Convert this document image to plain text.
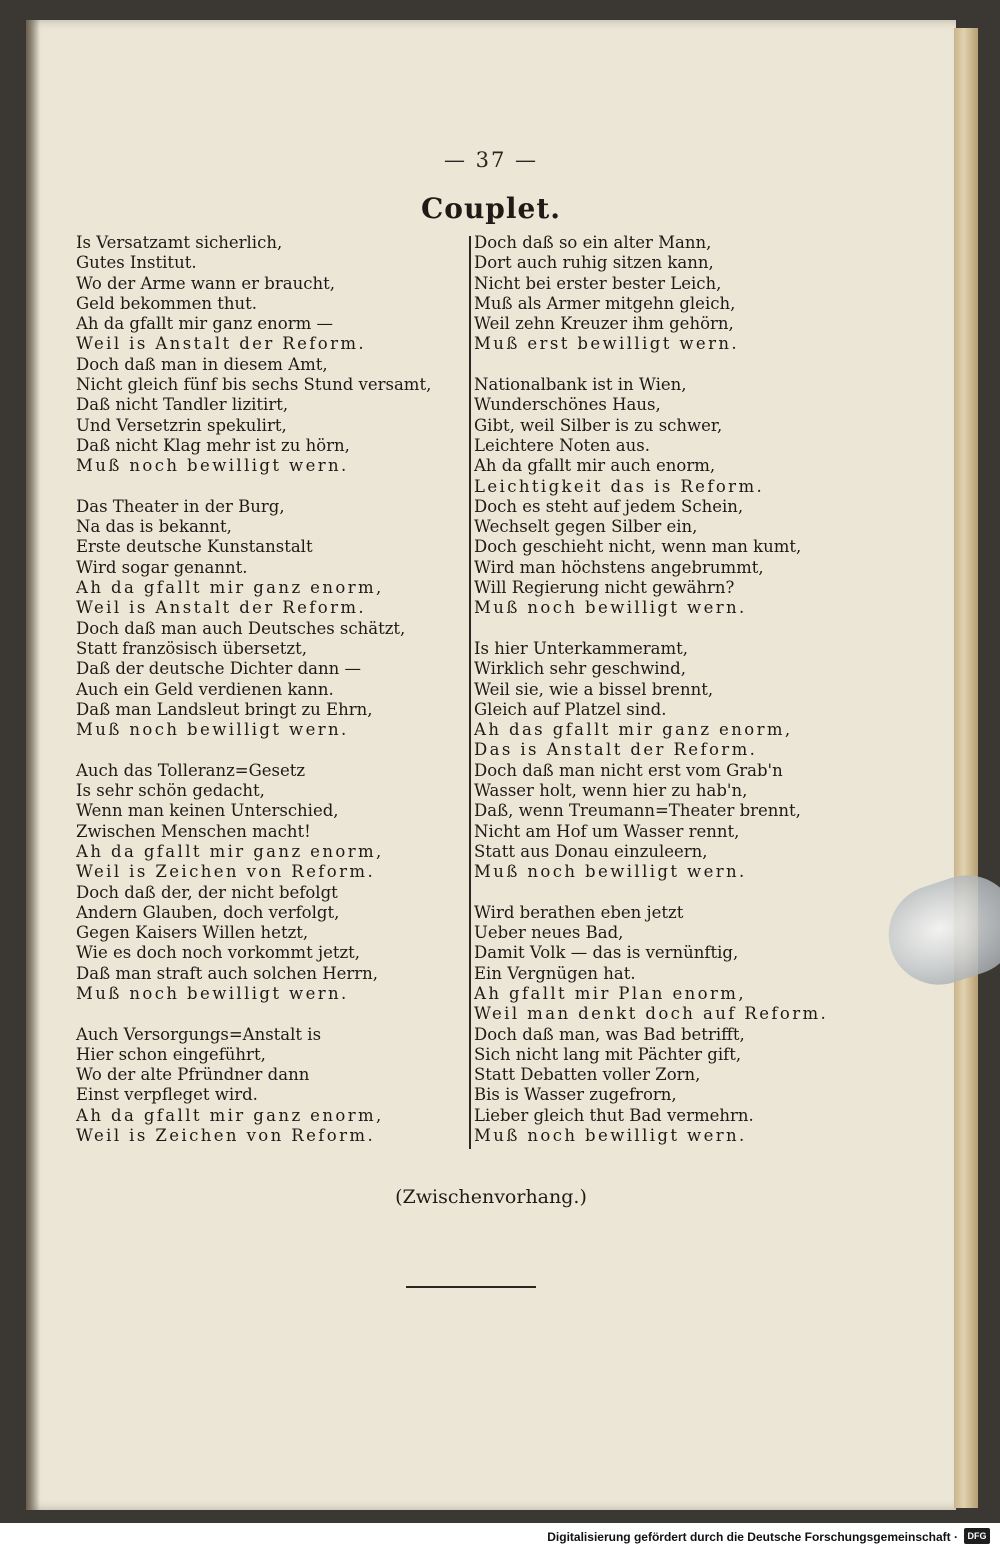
— 37 —
Couplet.
Is Versatzamt sicherlich,
Gutes Institut.
Wo der Arme wann er braucht,
Geld bekommen thut.
Ah da gfallt mir ganz enorm —
Weil is Anstalt der Reform.
Doch daß man in diesem Amt,
Nicht gleich fünf bis sechs Stund versamt,
Daß nicht Tandler lizitirt,
Und Versetzrin spekulirt,
Daß nicht Klag mehr ist zu hörn,
Muß noch bewilligt wern.
Das Theater in der Burg,
Na das is bekannt,
Erste deutsche Kunstanstalt
Wird sogar genannt.
Ah da gfallt mir ganz enorm,
Weil is Anstalt der Reform.
Doch daß man auch Deutsches schätzt,
Statt französisch übersetzt,
Daß der deutsche Dichter dann —
Auch ein Geld verdienen kann.
Daß man Landsleut bringt zu Ehrn,
Muß noch bewilligt wern.
Auch das Tolleranz=Gesetz
Is sehr schön gedacht,
Wenn man keinen Unterschied,
Zwischen Menschen macht!
Ah da gfallt mir ganz enorm,
Weil is Zeichen von Reform.
Doch daß der, der nicht befolgt
Andern Glauben, doch verfolgt,
Gegen Kaisers Willen hetzt,
Wie es doch noch vorkommt jetzt,
Daß man straft auch solchen Herrn,
Muß noch bewilligt wern.
Auch Versorgungs=Anstalt is
Hier schon eingeführt,
Wo der alte Pfründner dann
Einst verpfleget wird.
Ah da gfallt mir ganz enorm,
Weil is Zeichen von Reform.
Doch daß so ein alter Mann,
Dort auch ruhig sitzen kann,
Nicht bei erster bester Leich,
Muß als Armer mitgehn gleich,
Weil zehn Kreuzer ihm gehörn,
Muß erst bewilligt wern.
Nationalbank ist in Wien,
Wunderschönes Haus,
Gibt, weil Silber is zu schwer,
Leichtere Noten aus.
Ah da gfallt mir auch enorm,
Leichtigkeit das is Reform.
Doch es steht auf jedem Schein,
Wechselt gegen Silber ein,
Doch geschieht nicht, wenn man kumt,
Wird man höchstens angebrummt,
Will Regierung nicht gewährn?
Muß noch bewilligt wern.
Is hier Unterkammeramt,
Wirklich sehr geschwind,
Weil sie, wie a bissel brennt,
Gleich auf Platzel sind.
Ah das gfallt mir ganz enorm,
Das is Anstalt der Reform.
Doch daß man nicht erst vom Grab'n
Wasser holt, wenn hier zu hab'n,
Daß, wenn Treumann=Theater brennt,
Nicht am Hof um Wasser rennt,
Statt aus Donau einzuleern,
Muß noch bewilligt wern.
Wird berathen eben jetzt
Ueber neues Bad,
Damit Volk — das is vernünftig,
Ein Vergnügen hat.
Ah gfallt mir Plan enorm,
Weil man denkt doch auf Reform.
Doch daß man, was Bad betrifft,
Sich nicht lang mit Pächter gift,
Statt Debatten voller Zorn,
Bis is Wasser zugefrorn,
Lieber gleich thut Bad vermehrn.
Muß noch bewilligt wern.
(Zwischenvorhang.)
Digitalisierung gefördert durch die Deutsche Forschungsgemeinschaft ·	DFG
